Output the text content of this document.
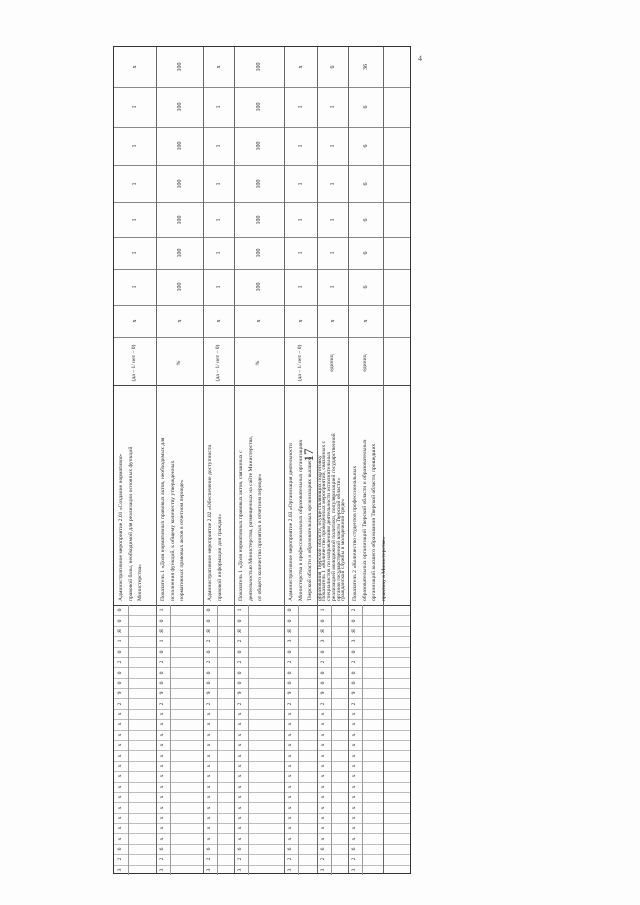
17
4
3
2
6
x
x
x
x
x
x
x
x
x
x
x
x
x
2
9
0
0
2
0
1
Я
0
0
Административное мероприятие 2.01 «Создание нормативно- правовой базы, необходимой для реализации основных функций Министерства»
(да – 1/ нет – 0)
x
1
1
1
1
1
1
x
3
2
6
x
x
x
x
x
x
x
x
x
x
x
x
x
2
9
0
0
2
0
1
Я
0
1
Показатель 1 «Доля нормативных правовых актов, необходимых для исполнения функций, к общему количеству утвержденных нормативных правовых актов в отчетном периоде»
%
x
100
100
100
100
100
100
100
3
2
6
x
x
x
x
x
x
x
x
x
x
x
x
x
2
9
0
0
2
0
2
Я
0
0
Административное мероприятие 2.02 «Обеспечение доступности правовой информации для граждан»
(да – 1/ нет – 0)
x
1
1
1
1
1
1
x
3
2
6
x
x
x
x
x
x
x
x
x
x
x
x
x
2
9
0
0
2
0
2
Я
0
1
Показатель 1 «Доля нормативных правовых актов, связанных с деятельностью Министерства, размещенных на сайте Министерства, от общего количества принятых в отчетном периоде»
%
x
100
100
100
100
100
100
100
3
2
6
x
x
x
x
x
x
x
x
x
x
x
x
x
2
9
0
0
2
0
3
Я
0
0
Административное мероприятие 2.03 «Организация деятельности Министерства в профессиональных образовательных организациях Тверской области и образовательных организациях высшего образования Тверской области, осуществляющих подготовку специалистов по направлениям деятельности исполнительных органов государственной власти Тверской области»
(да – 1/ нет – 0)
x
1
1
1
1
1
1
x
3
2
6
x
x
x
x
x
x
x
x
x
x
x
x
x
2
9
0
0
2
0
3
Я
0
1
Показатель 1 «Количество проведенных мероприятий, связанных с реализацией молодежной политики, популяризацией государственной гражданской службы в молодежной среде»
единиц
x
1
1
1
1
1
1
6
3
2
6
x
x
x
x
x
x
x
x
x
x
x
x
x
2
9
0
0
2
0
3
Я
0
2
Показатель 2 «Количество студентов профессиональных образовательных организаций Тверской области и образовательных организаций высшего образования Тверской области, прошедших практику в Министерстве»
единиц
x
6
6
6
6
6
6
36
